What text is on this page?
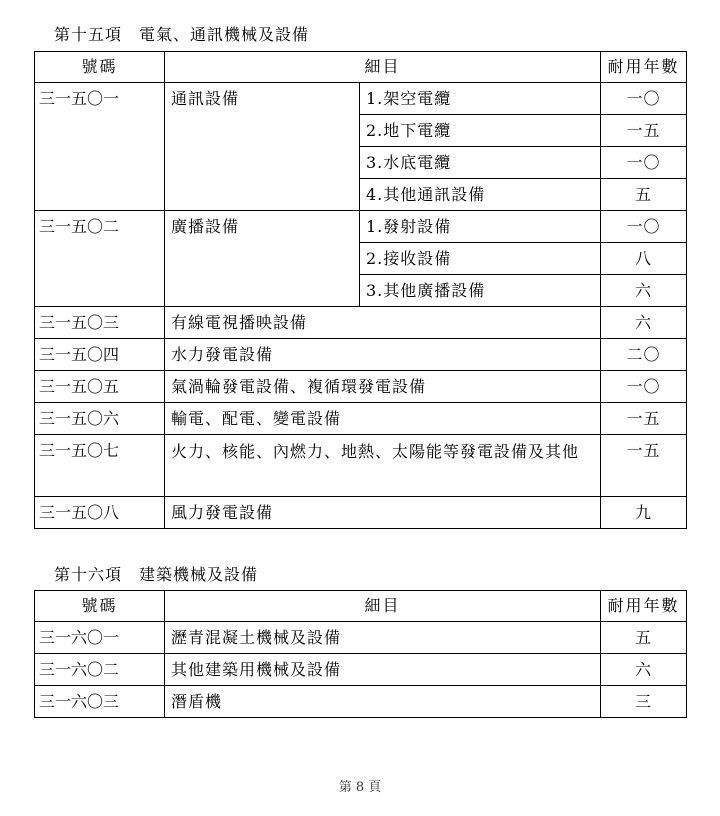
第十五項　電氣、通訊機械及設備
號碼	細目		耐用年數
三一五〇一	通訊設備	1.架空電纜	一〇
		2.地下電纜	一五
		3.水底電纜	一〇
		4.其他通訊設備	五
三一五〇二	廣播設備	1.發射設備	一〇
		2.接收設備	八
		3.其他廣播設備	六
三一五〇三	有線電視播映設備		六
三一五〇四	水力發電設備		二〇
三一五〇五	氣渦輪發電設備、複循環發電設備		一〇
三一五〇六	輸電、配電、變電設備		一五
三一五〇七	火力、核能、內燃力、地熱、太陽能等發電設備及其他		一五
三一五〇八	風力發電設備		九
第十六項　建築機械及設備
號碼	細目	耐用年數
三一六〇一	瀝青混凝土機械及設備	五
三一六〇二	其他建築用機械及設備	六
三一六〇三	潛盾機	三
第 8 頁
